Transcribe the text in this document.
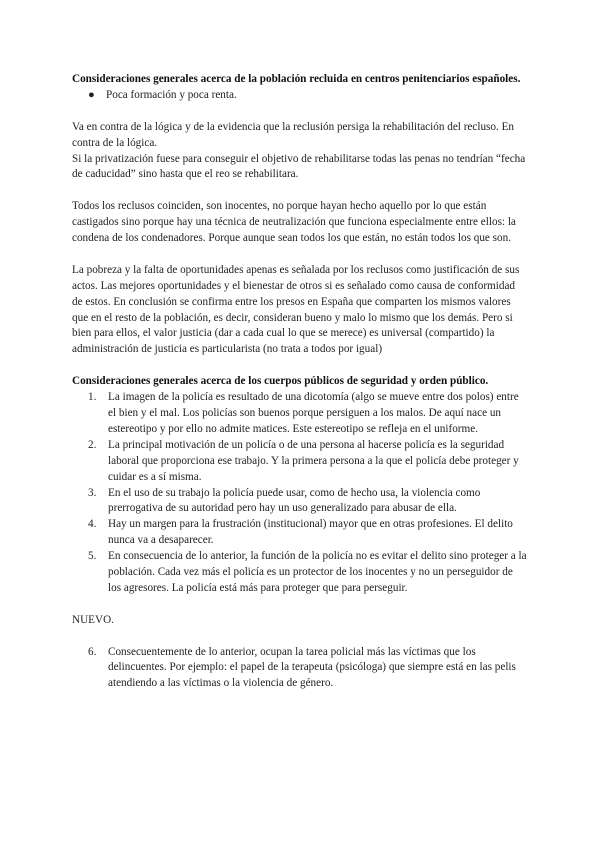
Consideraciones generales acerca de la población recluida en centros penitenciarios españoles.

● Poca formación y poca renta.

Va en contra de la lógica y de la evidencia que la reclusión persiga la rehabilitación del recluso. En contra de la lógica.

Si la privatización fuese para conseguir el objetivo de rehabilitarse todas las penas no tendrían “fecha de caducidad” sino hasta que el reo se rehabilitara.

Todos los reclusos coinciden, son inocentes, no porque hayan hecho aquello por lo que están castigados sino porque hay una técnica de neutralización que funciona especialmente entre ellos: la condena de los condenadores. Porque aunque sean todos los que están, no están todos los que son.

La pobreza y la falta de oportunidades apenas es señalada por los reclusos como justificación de sus actos. Las mejores oportunidades y el bienestar de otros si es señalado como causa de conformidad de estos. En conclusión se confirma entre los presos en España que comparten los mismos valores que en el resto de la población, es decir, consideran bueno y malo lo mismo que los demás. Pero si bien para ellos, el valor justicia (dar a cada cual lo que se merece) es universal (compartido) la administración de justicia es particularista (no trata a todos por igual)

Consideraciones generales acerca de los cuerpos públicos de seguridad y orden público.

1. La imagen de la policía es resultado de una dicotomía (algo se mueve entre dos polos) entre el bien y el mal. Los policías son buenos porque persiguen a los malos. De aquí nace un estereotipo y por ello no admite matices. Este estereotipo se refleja en el uniforme.
2. La principal motivación de un policía o de una persona al hacerse policía es la seguridad laboral que proporciona ese trabajo. Y la primera persona a la que el policía debe proteger y cuidar es a sí misma.
3. En el uso de su trabajo la policía puede usar, como de hecho usa, la violencia como prerrogativa de su autoridad pero hay un uso generalizado para abusar de ella.
4. Hay un margen para la frustración (institucional) mayor que en otras profesiones. El delito nunca va a desaparecer.
5. En consecuencia de lo anterior, la función de la policía no es evitar el delito sino proteger a la población. Cada vez más el policía es un protector de los inocentes y no un perseguidor de los agresores. La policía está más para proteger que para perseguir.

NUEVO.

6. Consecuentemente de lo anterior, ocupan la tarea policial más las víctimas que los delincuentes. Por ejemplo: el papel de la terapeuta (psicóloga) que siempre está en las pelis atendiendo a las víctimas o la violencia de género.
